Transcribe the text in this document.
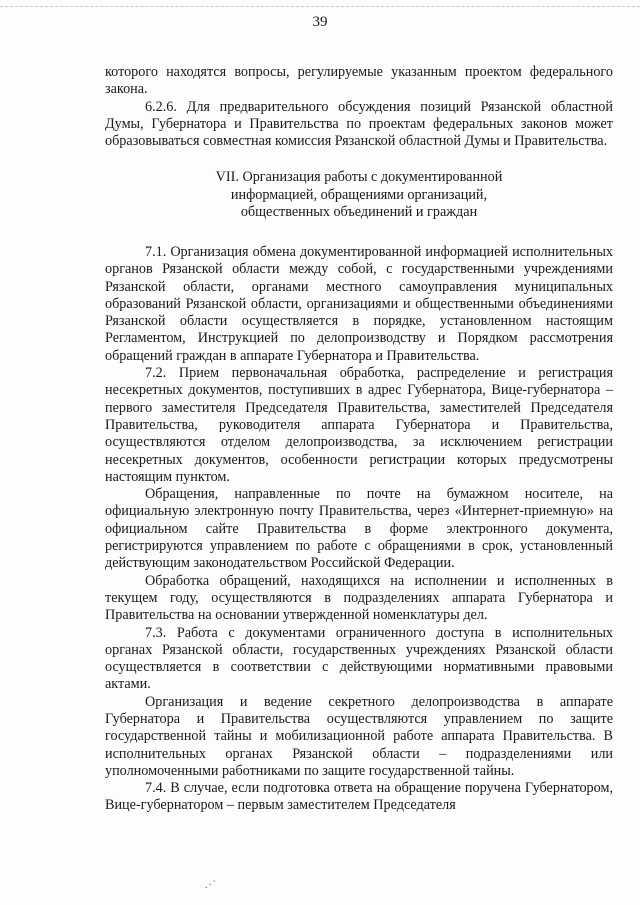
39

которого находятся вопросы, регулируемые указанным проектом федерального закона.

6.2.6. Для предварительного обсуждения позиций Рязанской областной Думы, Губернатора и Правительства по проектам федеральных законов может образовываться совместная комиссия Рязанской областной Думы и Правительства.

VII. Организация работы с документированной
информацией, обращениями организаций,
общественных объединений и граждан

7.1. Организация обмена документированной информацией исполнительных органов Рязанской области между собой, с государственными учреждениями Рязанской области, органами местного самоуправления муниципальных образований Рязанской области, организациями и общественными объединениями Рязанской области осуществляется в порядке, установленном настоящим Регламентом, Инструкцией по делопроизводству и Порядком рассмотрения обращений граждан в аппарате Губернатора и Правительства.

7.2. Прием первоначальная обработка, распределение и регистрация несекретных документов, поступивших в адрес Губернатора, Вице-губернатора – первого заместителя Председателя Правительства, заместителей Председателя Правительства, руководителя аппарата Губернатора и Правительства, осуществляются отделом делопроизводства, за исключением регистрации несекретных документов, особенности регистрации которых предусмотрены настоящим пунктом.

Обращения, направленные по почте на бумажном носителе, на официальную электронную почту Правительства, через «Интернет-приемную» на официальном сайте Правительства в форме электронного документа, регистрируются управлением по работе с обращениями в срок, установленный действующим законодательством Российской Федерации.

Обработка обращений, находящихся на исполнении и исполненных в текущем году, осуществляются в подразделениях аппарата Губернатора и Правительства на основании утвержденной номенклатуры дел.

7.3. Работа с документами ограниченного доступа в исполнительных органах Рязанской области, государственных учреждениях Рязанской области осуществляется в соответствии с действующими нормативными правовыми актами.

Организация и ведение секретного делопроизводства в аппарате Губернатора и Правительства осуществляются управлением по защите государственной тайны и мобилизационной работе аппарата Правительства. В исполнительных органах Рязанской области – подразделениями или уполномоченными работниками по защите государственной тайны.

7.4. В случае, если подготовка ответа на обращение поручена Губернатором, Вице-губернатором – первым заместителем Председателя

.·`
